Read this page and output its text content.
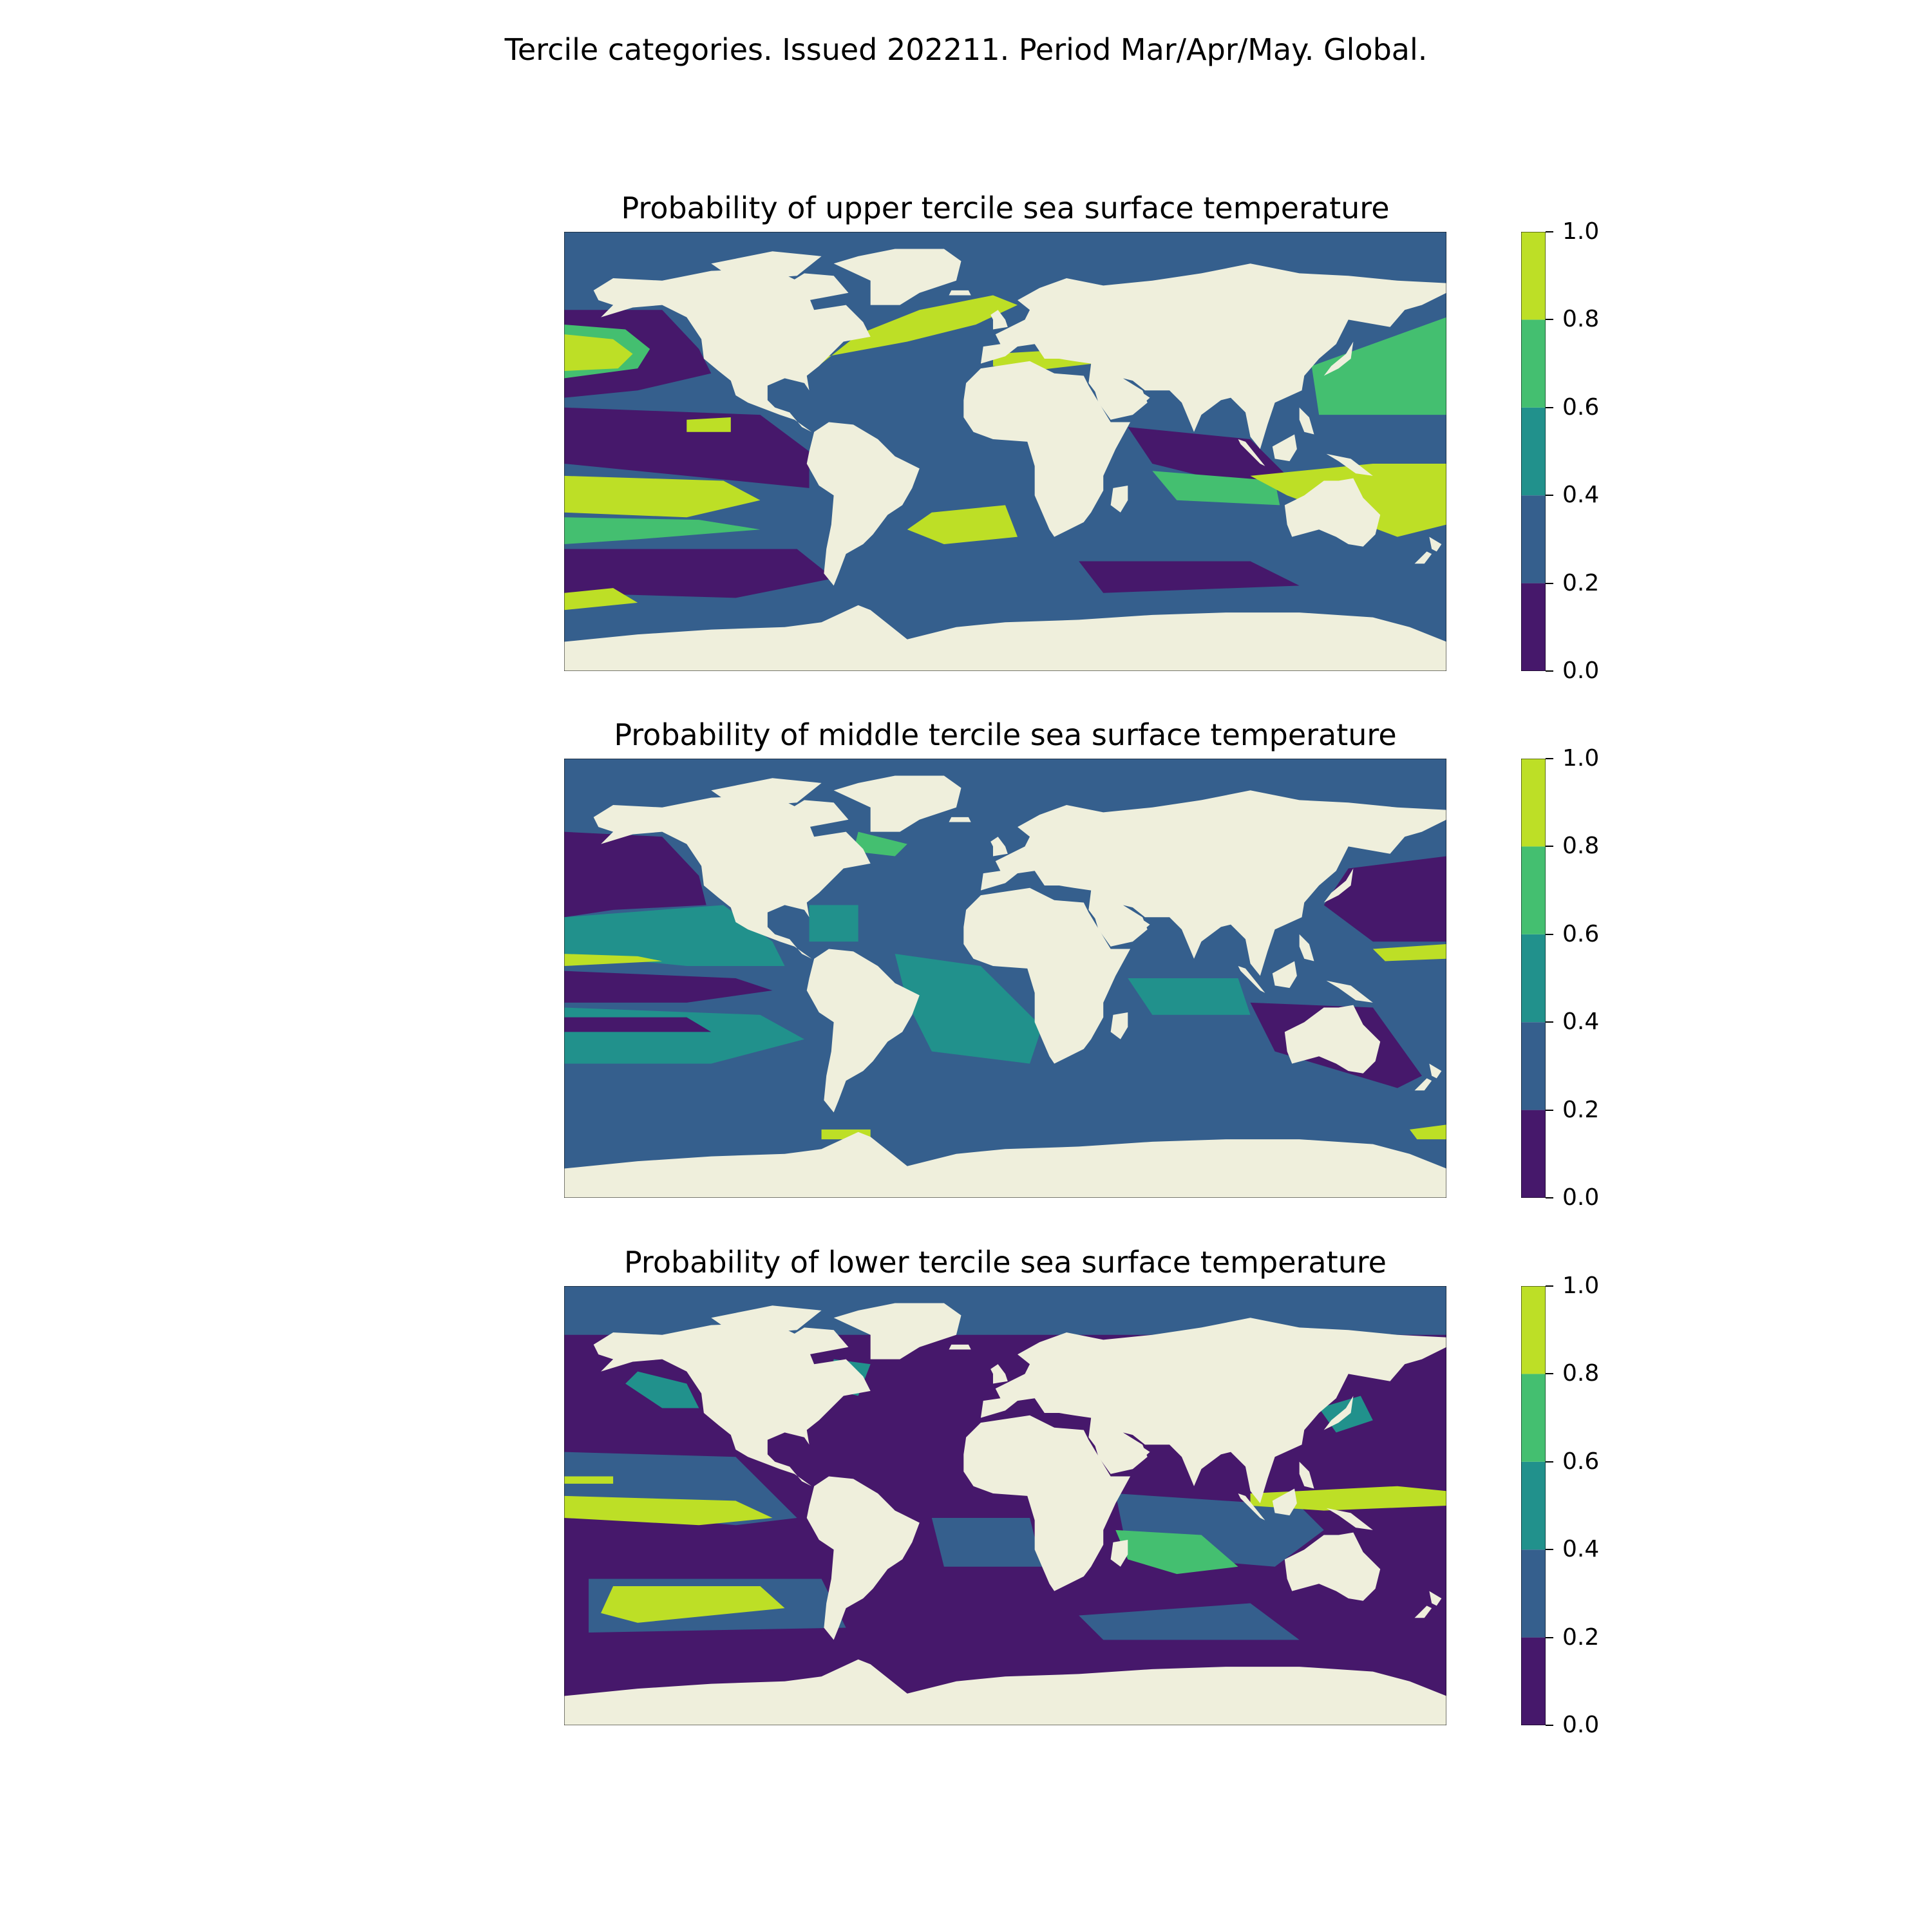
Tercile categories. Issued 202211. Period Mar/Apr/May. Global.
Probability of upper tercile sea surface temperature
Probability of middle tercile sea surface temperature
Probability of lower tercile sea surface temperature
0.0
0.2
0.4
0.6
0.8
1.0
0.0
0.2
0.4
0.6
0.8
1.0
0.0
0.2
0.4
0.6
0.8
1.0
